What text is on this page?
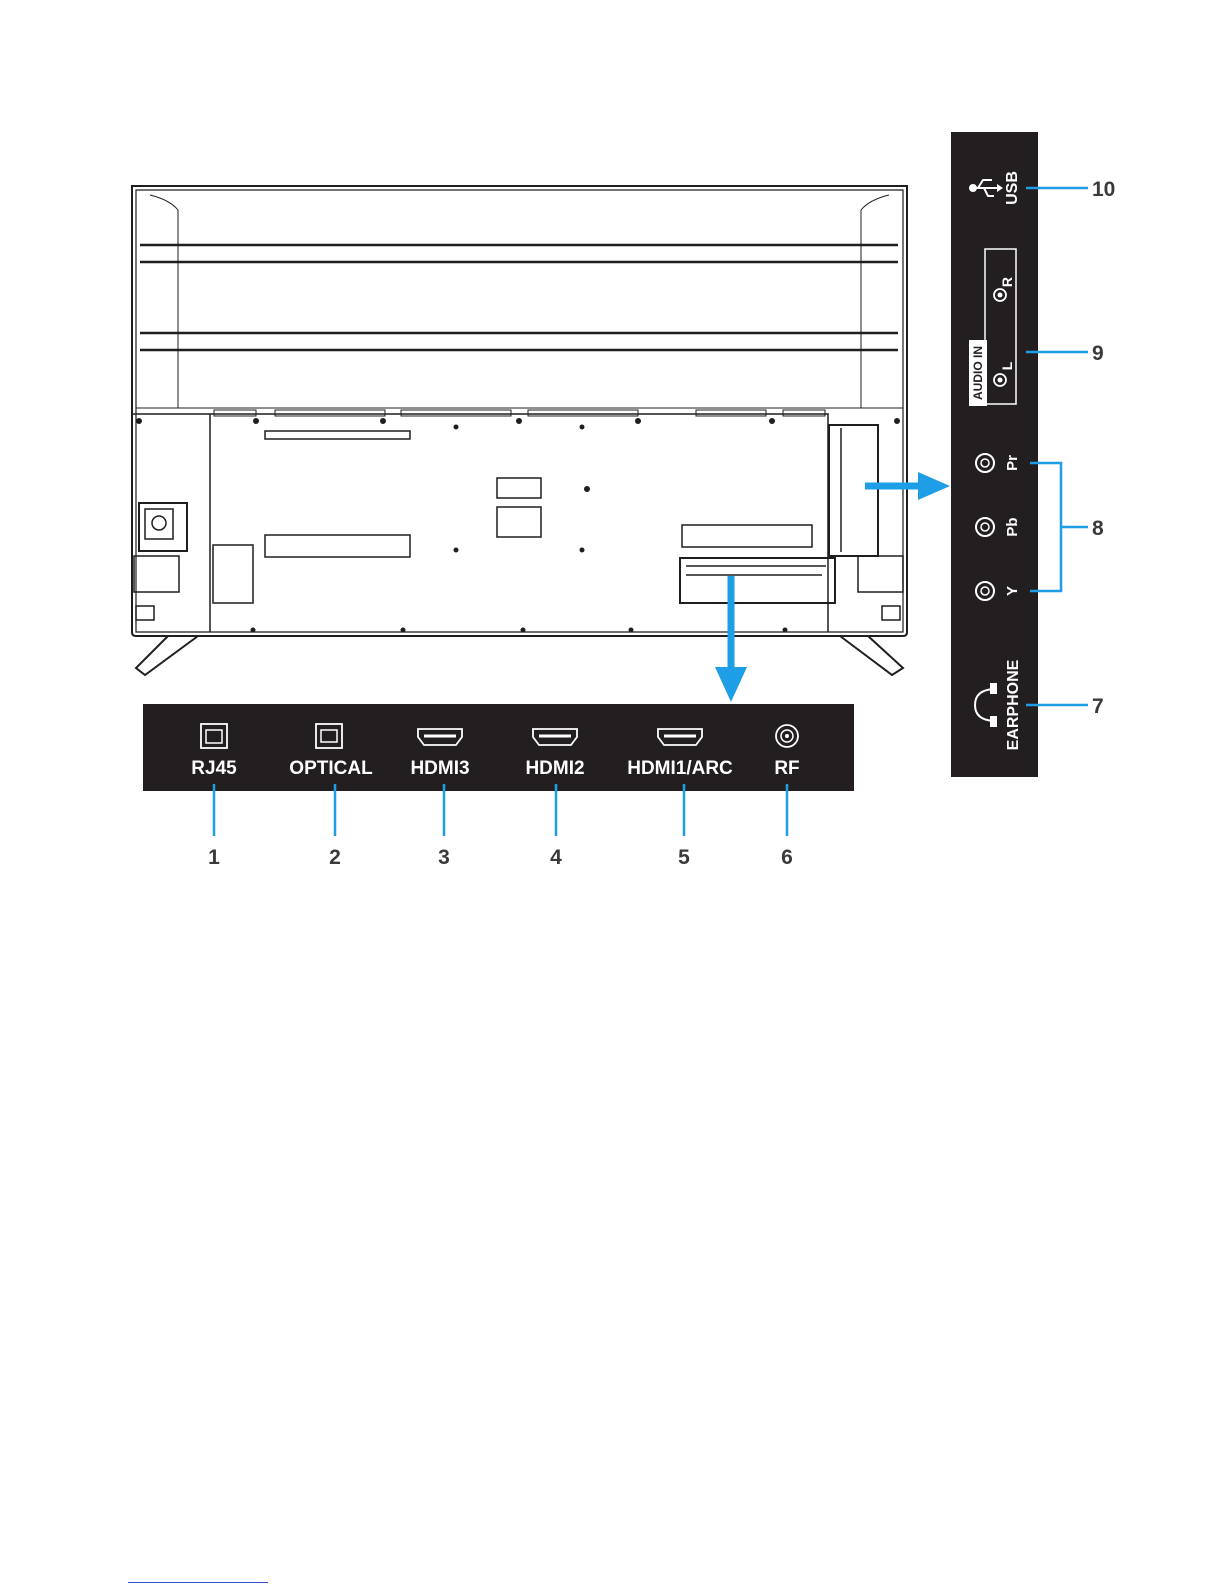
RJ45	OPTICAL HDMI3	HDMI2 HDMI1/ARC RF
1	2	3	4	5	6
USB
AUDIO IN
R
L
Pr
Pb
Y
EARPHONE
10
9
8
7
